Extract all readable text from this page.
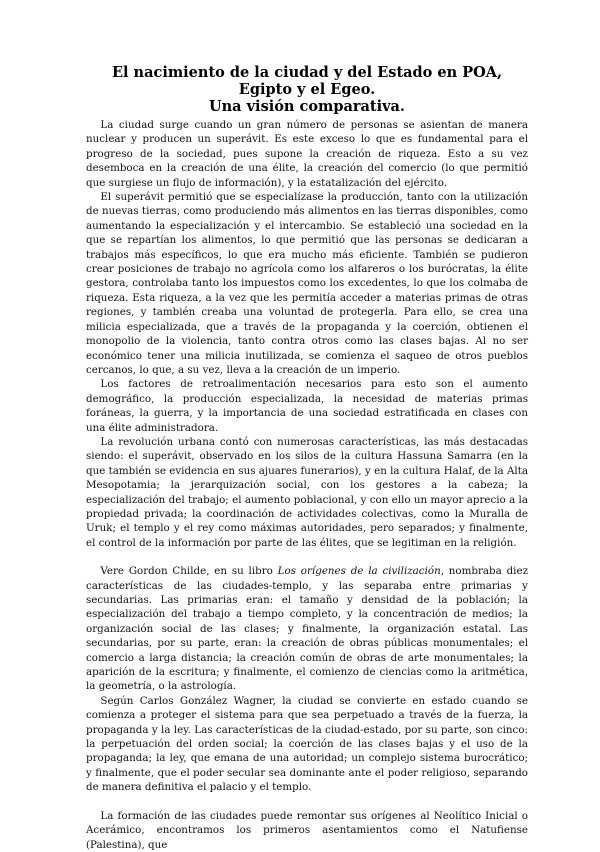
El nacimiento de la ciudad y del Estado en POA, Egipto y el Egeo.
Una visión comparativa.

La ciudad surge cuando un gran número de personas se asientan de manera nuclear y producen un superávit. Es este exceso lo que es fundamental para el progreso de la sociedad, pues supone la creación de riqueza. Esto a su vez desemboca en la creación de una élite, la creación del comercio (lo que permitió que surgiese un flujo de información), y la estatalización del ejército.

El superávit permitió que se especialízase la producción, tanto con la utilización de nuevas tierras, como produciendo más alimentos en las tierras disponibles, como aumentando la especialización y el intercambio. Se estableció una sociedad en la que se repartían los alimentos, lo que permitió que las personas se dedicaran a trabajos más específicos, lo que era mucho más eficiente. También se pudieron crear posiciones de trabajo no agrícola como los alfareros o los burócratas, la élite gestora, controlaba tanto los impuestos como los excedentes, lo que los colmaba de riqueza. Esta riqueza, a la vez que les permitía acceder a materias primas de otras regiones, y también creaba una voluntad de protegerla. Para ello, se crea una milicia especializada, que a través de la propaganda y la coerción, obtienen el monopolio de la violencia, tanto contra otros como las clases bajas. Al no ser económico tener una milicia inutilizada, se comienza el saqueo de otros pueblos cercanos, lo que, a su vez, lleva a la creación de un imperio.

Los factores de retroalimentación necesarios para esto son el aumento demográfico, la producción especializada, la necesidad de materias primas foráneas, la guerra, y la importancia de una sociedad estratificada en clases con una élite administradora.

La revolución urbana contó con numerosas características, las más destacadas siendo: el superávit, observado en los silos de la cultura Hassuna Samarra (en la que también se evidencia en sus ajuares funerarios), y en la cultura Halaf, de la Alta Mesopotamia; la jerarquización social, con los gestores a la cabeza; la especialización del trabajo; el aumento poblacional, y con ello un mayor aprecio a la propiedad privada; la coordinación de actividades colectivas, como la Muralla de Uruk; el templo y el rey como máximas autoridades, pero separados; y finalmente, el control de la información por parte de las élites, que se legitiman en la religión.

Vere Gordon Childe, en su libro Los orígenes de la civilización, nombraba diez características de las ciudades-templo, y las separaba entre primarias y secundarias. Las primarias eran: el tamaño y densidad de la población; la especialización del trabajo a tiempo completo, y la concentración de medios; la organización social de las clases; y finalmente, la organización estatal. Las secundarias, por su parte, eran: la creación de obras públicas monumentales; el comercio a larga distancia; la creación común de obras de arte monumentales; la aparición de la escritura; y finalmente, el comienzo de ciencias como la aritmética, la geometría, o la astrología.

Según Carlos González Wagner, la ciudad se convierte en estado cuando se comienza a proteger el sistema para que sea perpetuado a través de la fuerza, la propaganda y la ley. Las características de la ciudad-estado, por su parte, son cinco: la perpetuación del orden social; la coerción de las clases bajas y el uso de la propaganda; la ley, que emana de una autoridad; un complejo sistema burocrático; y finalmente, que el poder secular sea dominante ante el poder religioso, separando de manera definitiva el palacio y el templo.

La formación de las ciudades puede remontar sus orígenes al Neolítico Inicial o Acerámico, encontramos los primeros asentamientos como el Natufiense (Palestina), que
